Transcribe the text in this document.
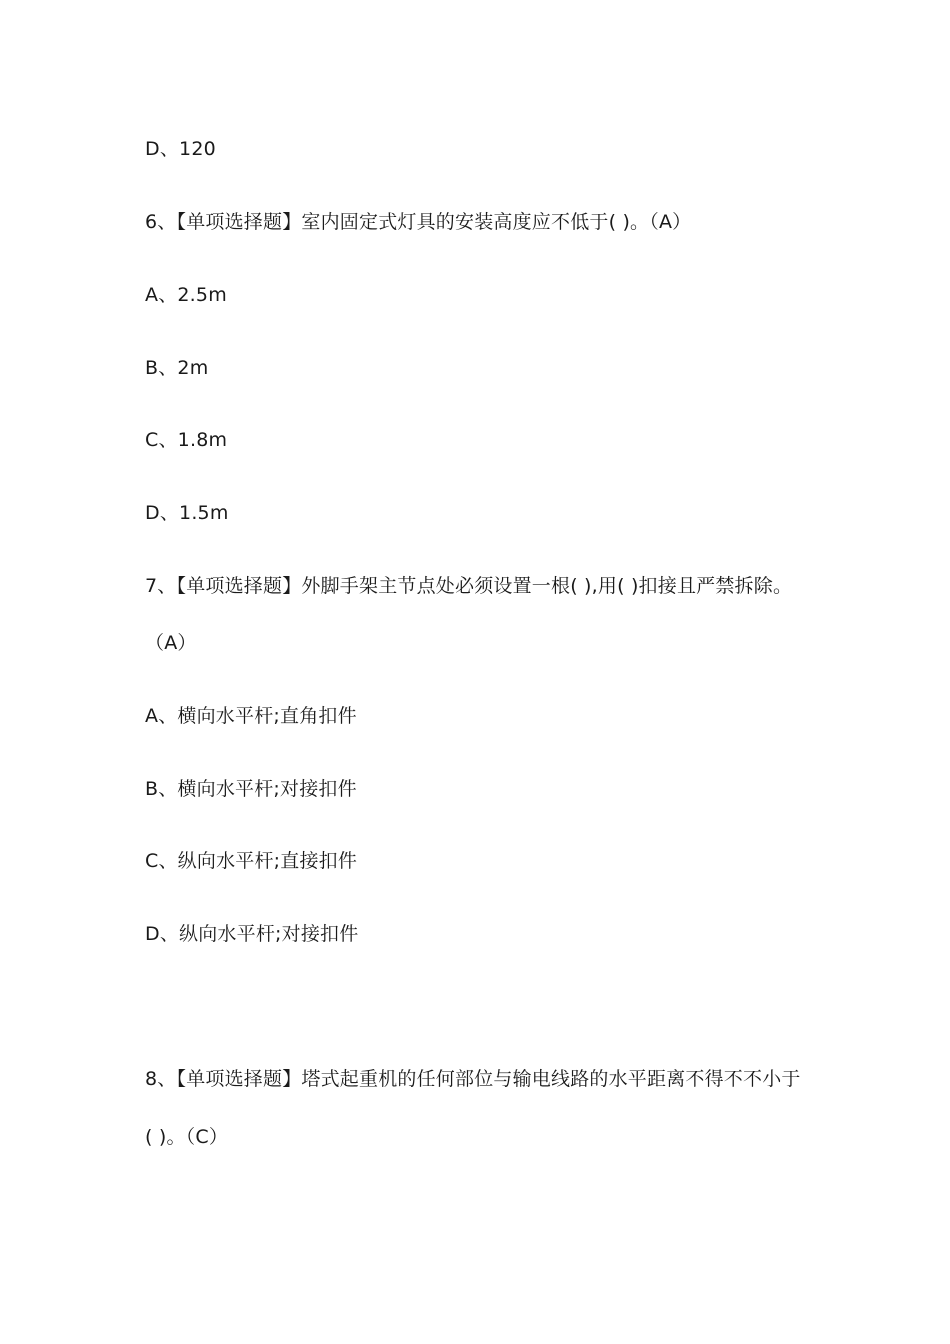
D、120

6、【单项选择题】室内固定式灯具的安装高度应不低于( )。（A）

A、2.5m

B、2m

C、1.8m

D、1.5m

7、【单项选择题】外脚手架主节点处必须设置一根( ),用( )扣接且严禁拆除。

（A）

A、横向水平杆;直角扣件

B、横向水平杆;对接扣件

C、纵向水平杆;直接扣件

D、纵向水平杆;对接扣件

8、【单项选择题】塔式起重机的任何部位与输电线路的水平距离不得不不小于

( )。（C）
